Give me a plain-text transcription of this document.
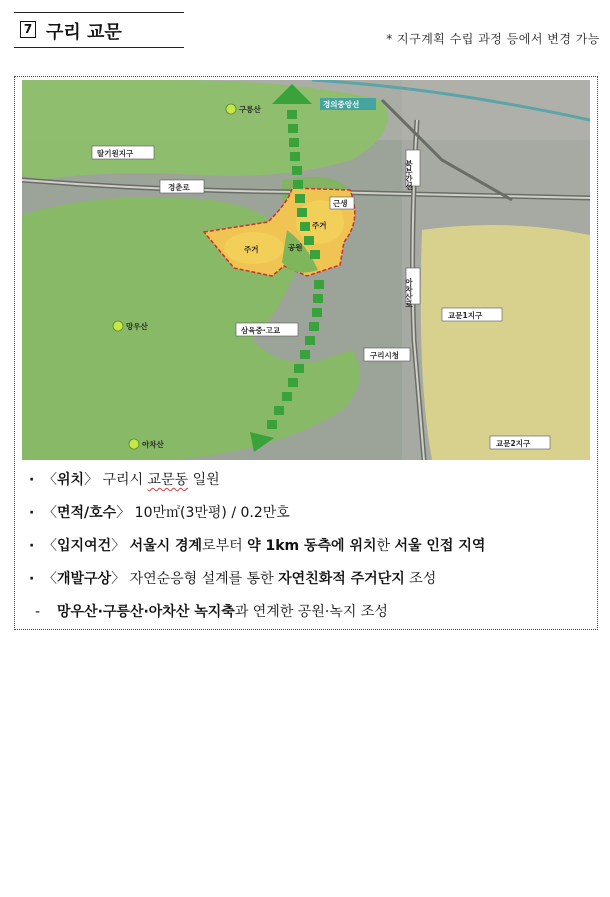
7 구리 교문	* 지구계획 수립 과정 등에서 변경 가능
경의중앙선
구릉산
딸기원지구
경춘로	북부간선
근생
주거
주거	공원
아차산로
교문1지구
망우산	삼육중·고교
구리시청
아차산	교문2지구
· 〈위치〉 구리시 교문동 일원
· 〈면적/호수〉 10만㎡(3만평) / 0.2만호
· 〈입지여건〉 서울시 경계로부터 약 1km 동측에 위치한 서울 인접 지역
· 〈개발구상〉 자연순응형 설계를 통한 자연친화적 주거단지 조성
- 망우산·구릉산·아차산 녹지축과 연계한 공원·녹지 조성
